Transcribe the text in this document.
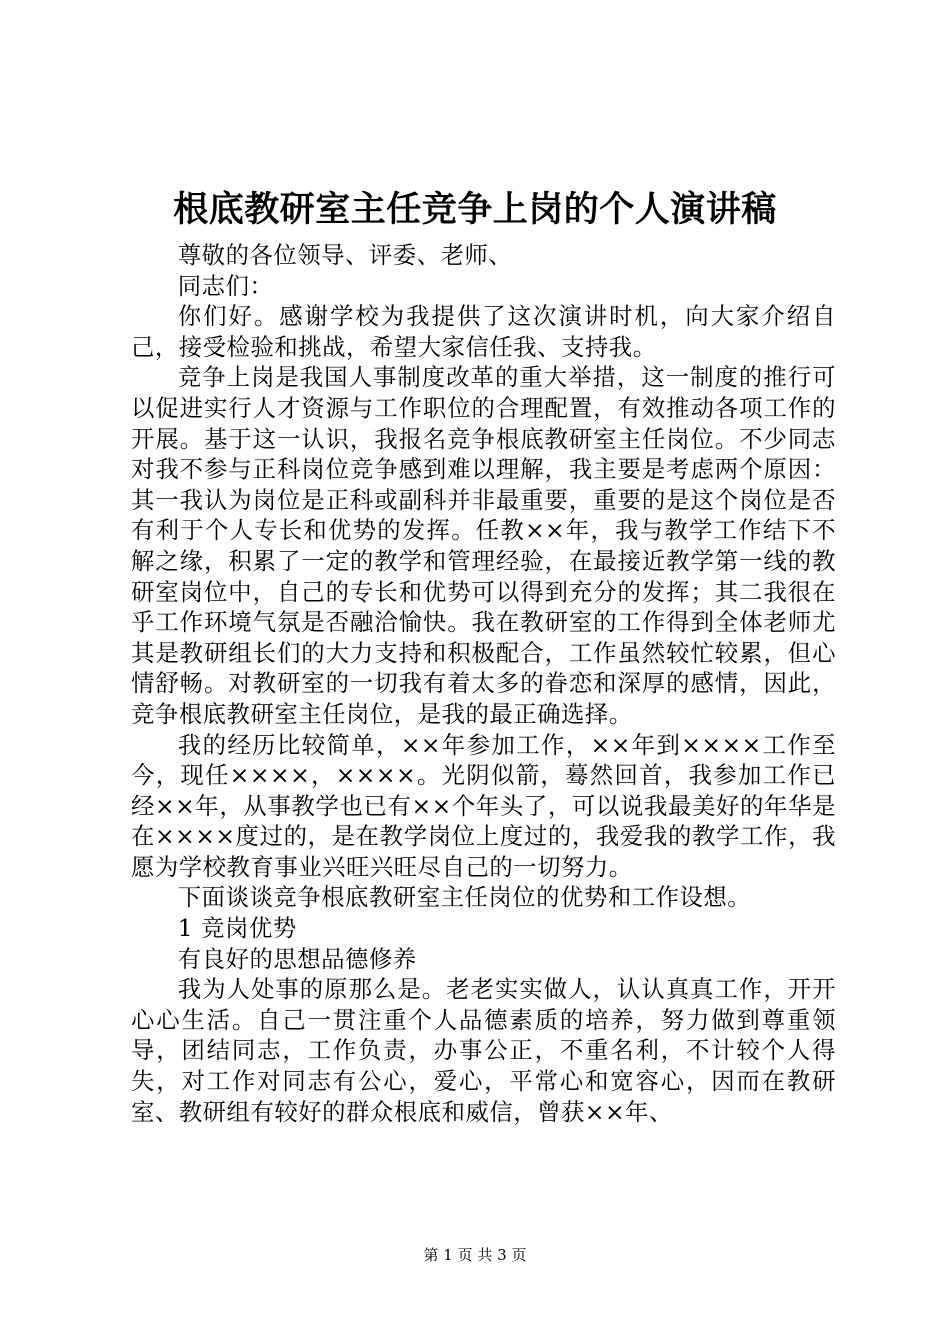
根底教研室主任竞争上岗的个人演讲稿

尊敬的各位领导、评委、老师、

同志们：

你们好。感谢学校为我提供了这次演讲时机，向大家介绍自己，接受检验和挑战，希望大家信任我、支持我。

竞争上岗是我国人事制度改革的重大举措，这一制度的推行可以促进实行人才资源与工作职位的合理配置，有效推动各项工作的开展。基于这一认识，我报名竞争根底教研室主任岗位。不少同志对我不参与正科岗位竞争感到难以理解，我主要是考虑两个原因：其一我认为岗位是正科或副科并非最重要，重要的是这个岗位是否有利于个人专长和优势的发挥。任教××年，我与教学工作结下不解之缘，积累了一定的教学和管理经验，在最接近教学第一线的教研室岗位中，自己的专长和优势可以得到充分的发挥；其二我很在乎工作环境气氛是否融洽愉快。我在教研室的工作得到全体老师尤其是教研组长们的大力支持和积极配合，工作虽然较忙较累，但心情舒畅。对教研室的一切我有着太多的眷恋和深厚的感情，因此，竞争根底教研室主任岗位，是我的最正确选择。

我的经历比较简单，××年参加工作，××年到××××工作至今，现任××××，××××。光阴似箭，蓦然回首，我参加工作已经××年，从事教学也已有××个年头了，可以说我最美好的年华是在××××度过的，是在教学岗位上度过的，我爱我的教学工作，我愿为学校教育事业兴旺兴旺尽自己的一切努力。

下面谈谈竞争根底教研室主任岗位的优势和工作设想。

1 竞岗优势

有良好的思想品德修养

我为人处事的原那么是。老老实实做人，认认真真工作，开开心心生活。自己一贯注重个人品德素质的培养，努力做到尊重领导，团结同志，工作负责，办事公正，不重名利，不计较个人得失，对工作对同志有公心，爱心，平常心和宽容心，因而在教研室、教研组有较好的群众根底和威信，曾获××年、

第 1 页 共 3 页
